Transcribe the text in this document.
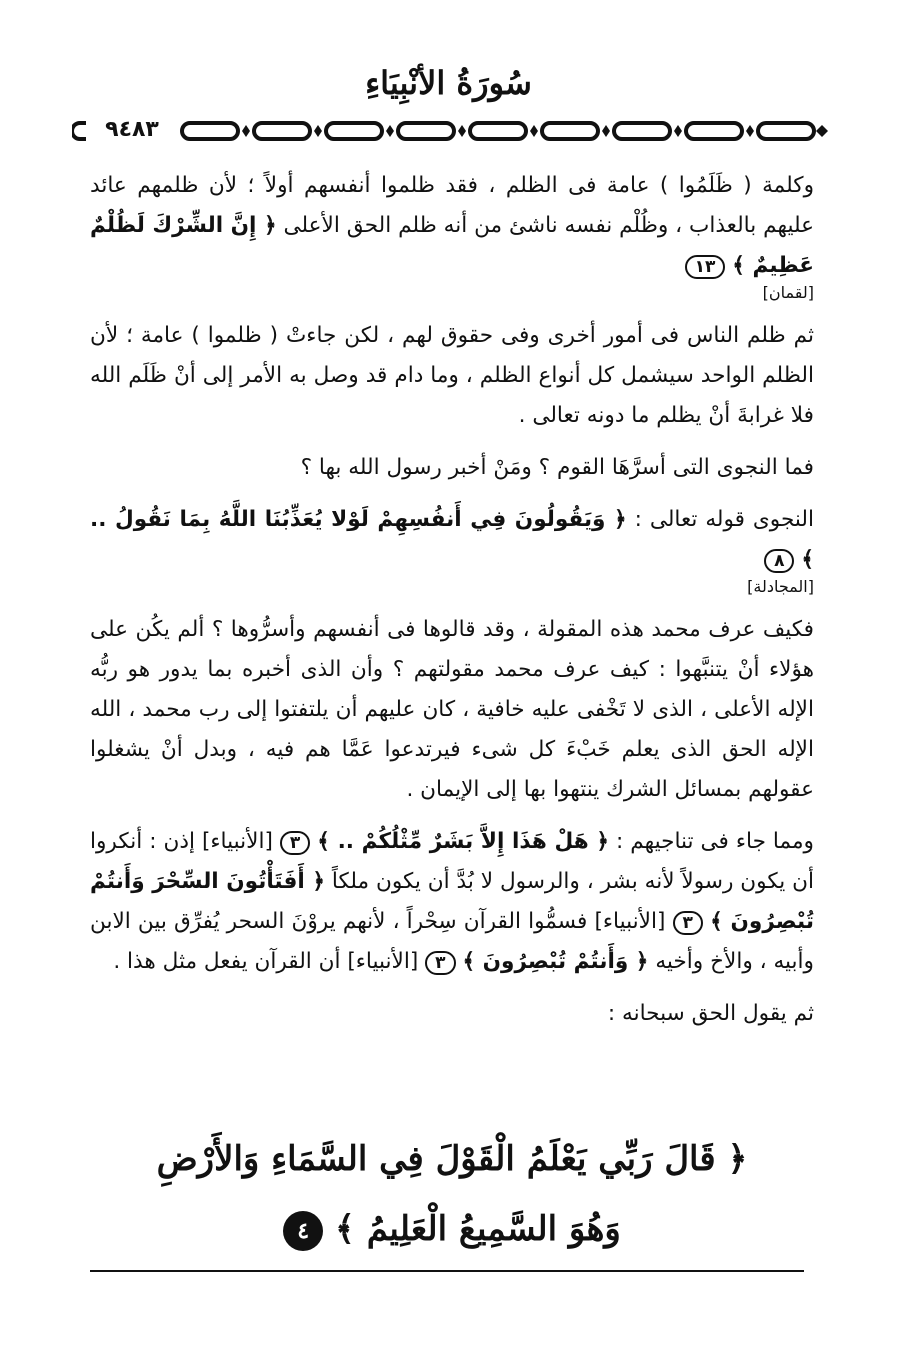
سُورَةُ الأنْبِيَاءِ
٩٤٨٣

وكلمة ( ظَلَمُوا ) عامة فى الظلم ، فقد ظلموا أنفسهم أولاً ؛ لأن ظلمهم عائد عليهم بالعذاب ، وظُلْم نفسه ناشئ من أنه ظلم الحق الأعلى ﴿ إِنَّ الشِّرْكَ لَظُلْمٌ عَظِيمٌ ﴾ ١٣
[لقمان]

ثم ظلم الناس فى أمور أخرى وفى حقوق لهم ، لكن جاءتْ ( ظلموا ) عامة ؛ لأن الظلم الواحد سيشمل كل أنواع الظلم ، وما دام قد وصل به الأمر إلى أنْ ظَلَم الله فلا غرابةَ أنْ يظلم ما دونه تعالى .

فما النجوى التى أسرَّهَا القوم ؟ ومَنْ أخبر رسول الله بها ؟

النجوى قوله تعالى : ﴿ وَيَقُولُونَ فِي أَنفُسِهِمْ لَوْلا يُعَذِّبُنَا اللَّهُ بِمَا نَقُولُ .. ﴾ ٨
[المجادلة]

فكيف عرف محمد هذه المقولة ، وقد قالوها فى أنفسهم وأسرُّوها ؟ ألم يكُن على هؤلاء أنْ يتنبَّهوا : كيف عرف محمد مقولتهم ؟ وأن الذى أخبره بما يدور هو ربُّه الإله الأعلى ، الذى لا تَخْفى عليه خافية ، كان عليهم أن يلتفتوا إلى رب محمد ، الله الإله الحق الذى يعلم خَبْءَ كل شىء فيرتدعوا عَمَّا هم فيه ، وبدل أنْ يشغلوا عقولهم بمسائل الشرك ينتهوا بها إلى الإيمان .

ومما جاء فى تناجيهم : ﴿ هَلْ هَذَا إِلاَّ بَشَرٌ مِّثْلُكُمْ .. ﴾ ٣ [الأنبياء] إذن : أنكروا أن يكون رسولاً لأنه بشر ، والرسول لا بُدَّ أن يكون ملكاً ﴿ أَفَتَأْتُونَ السِّحْرَ وَأَنتُمْ تُبْصِرُونَ ﴾ ٣ [الأنبياء] فسمُّوا القرآن سِحْراً ، لأنهم يروْنَ السحر يُفرِّق بين الابن وأبيه ، والأخ وأخيه ﴿ وَأَنتُمْ تُبْصِرُونَ ﴾ ٣ [الأنبياء] أن القرآن يفعل مثل هذا .

ثم يقول الحق سبحانه :

﴿ قَالَ رَبِّي يَعْلَمُ الْقَوْلَ فِي السَّمَاءِ وَالأَرْضِ
وَهُوَ السَّمِيعُ الْعَلِيمُ ﴾ ٤
